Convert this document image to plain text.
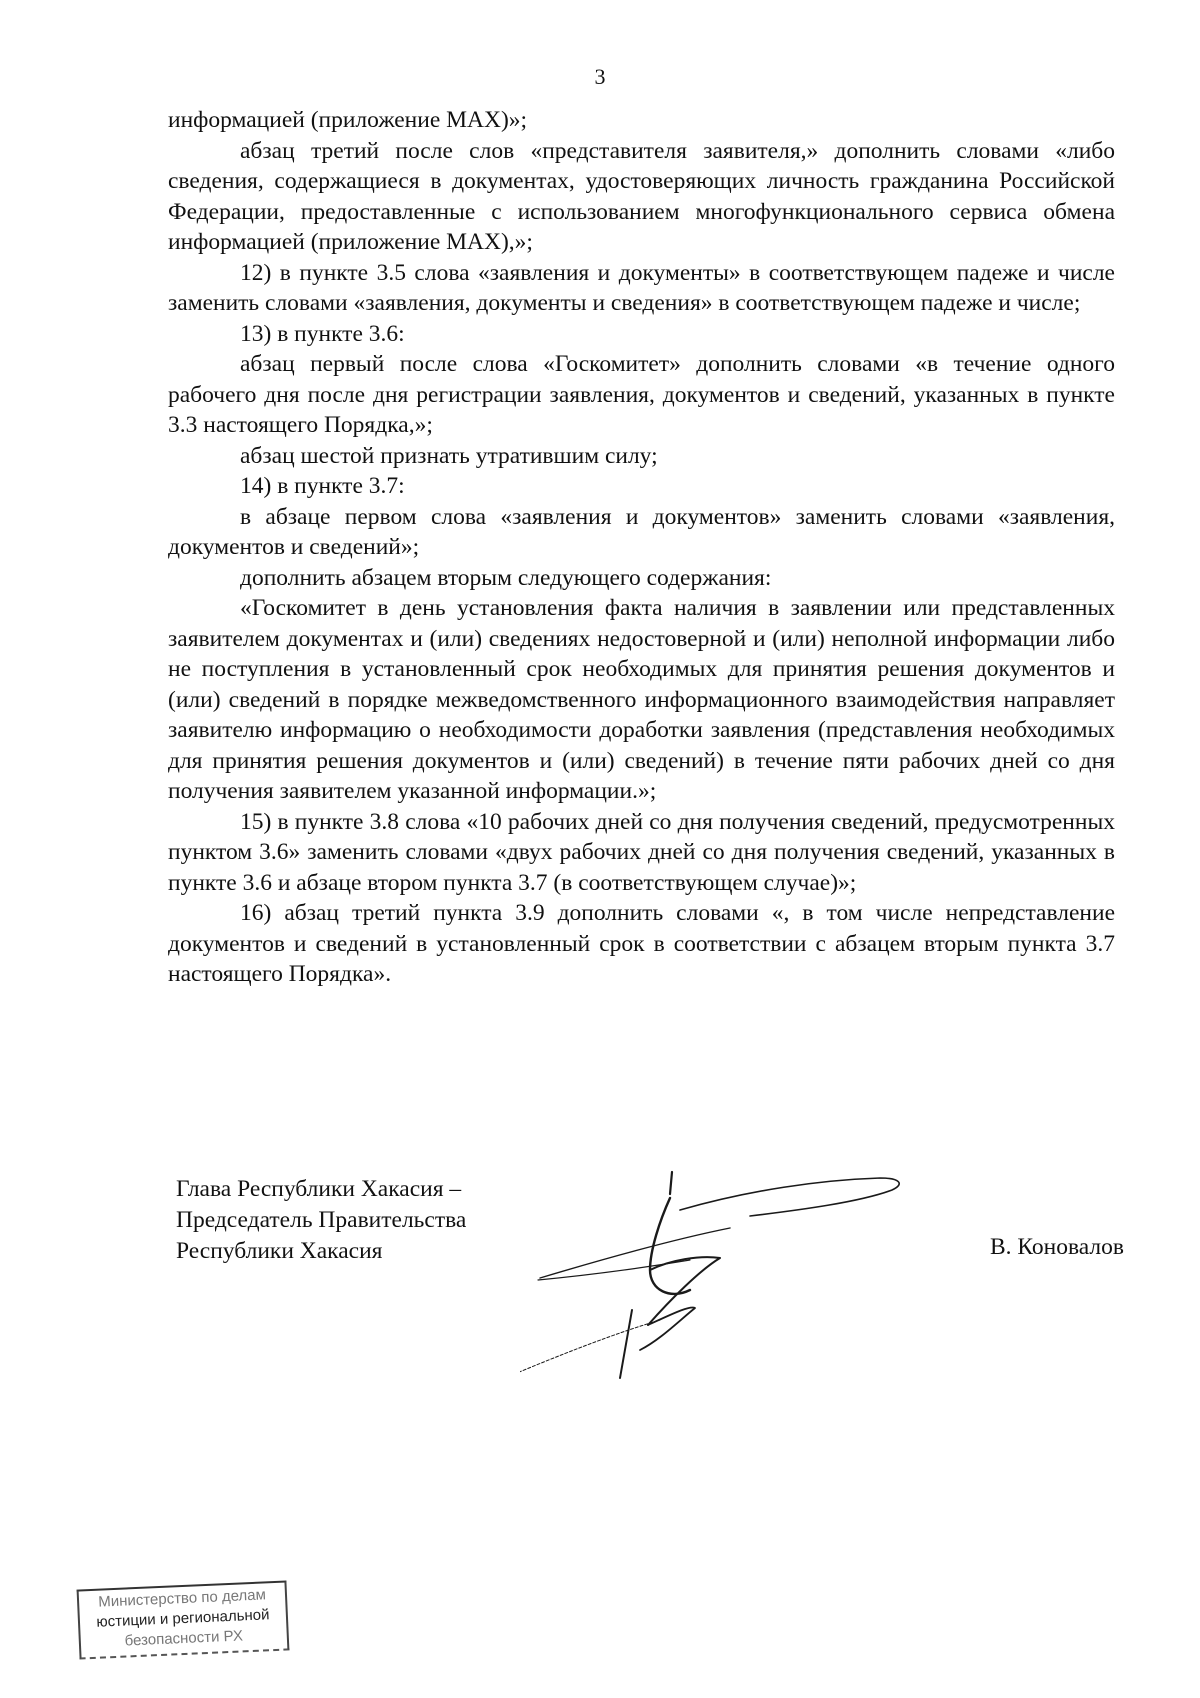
3

информацией (приложение MAX)»;

абзац третий после слов «представителя заявителя,» дополнить словами «либо сведения, содержащиеся в документах, удостоверяющих личность гражданина Российской Федерации, предоставленные с использованием многофункционального сервиса обмена информацией (приложение MAX),»;

12) в пункте 3.5 слова «заявления и документы» в соответствующем падеже и числе заменить словами «заявления, документы и сведения» в соответствующем падеже и числе;

13) в пункте 3.6:

абзац первый после слова «Госкомитет» дополнить словами «в течение одного рабочего дня после дня регистрации заявления, документов и сведений, указанных в пункте 3.3 настоящего Порядка,»;

абзац шестой признать утратившим силу;

14) в пункте 3.7:

в абзаце первом слова «заявления и документов» заменить словами «заявления, документов и сведений»;

дополнить абзацем вторым следующего содержания:

«Госкомитет в день установления факта наличия в заявлении или представленных заявителем документах и (или) сведениях недостоверной и (или) неполной информации либо не поступления в установленный срок необходимых для принятия решения документов и (или) сведений в порядке межведомственного информационного взаимодействия направляет заявителю информацию о необходимости доработки заявления (представления необходимых для принятия решения документов и (или) сведений) в течение пяти рабочих дней со дня получения заявителем указанной информации.»;

15) в пункте 3.8 слова «10 рабочих дней со дня получения сведений, предусмотренных пунктом 3.6» заменить словами «двух рабочих дней со дня получения сведений, указанных в пункте 3.6 и абзаце втором пункта 3.7 (в соответствующем случае)»;

16) абзац третий пункта 3.9 дополнить словами «, в том числе непредставление документов и сведений в установленный срок в соответствии с абзацем вторым пункта 3.7 настоящего Порядка».

Глава Республики Хакасия –
Председатель Правительства
Республики Хакасия	В. Коновалов
Министерство по делам
юстиции и региональной
безопасности РХ
